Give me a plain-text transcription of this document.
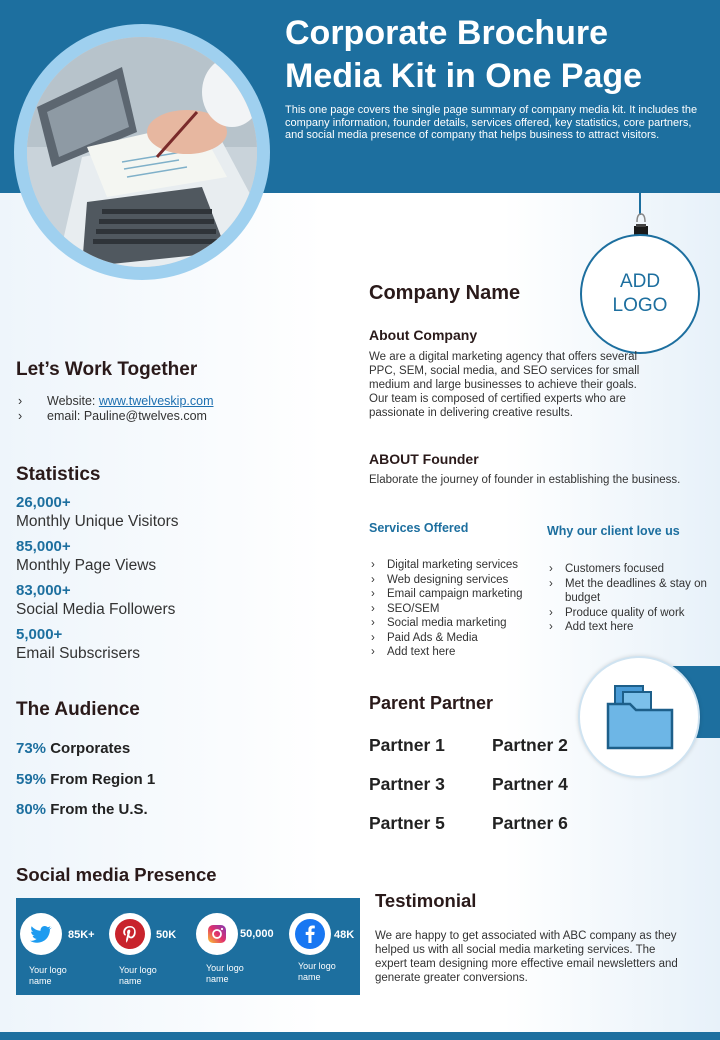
Corporate Brochure
Media Kit in One Page
This one page covers the single page summary of company media kit. It includes the company information, founder details, services offered, key statistics, core partners, and social media presence of company that helps business to attract visitors.
ADD
LOGO
Company Name
About Company
We are a digital marketing agency that offers several PPC, SEM, social media, and SEO services for small medium and large businesses to achieve their goals.
Our team is composed of certified experts who are passionate in delivering creative results.
ABOUT Founder
Elaborate the journey of founder in establishing the business.
Let’s Work Together
› Website: www.twelveskip.com
› email: Pauline@twelves.com
Statistics
26,000+
Monthly Unique Visitors
85,000+
Monthly Page Views
83,000+
Social Media Followers
5,000+
Email Subscrisers
The Audience
73% Corporates
59% From Region 1
80% From the U.S.
Services Offered
› Digital marketing services
› Web designing services
› Email campaign marketing
› SEO/SEM
› Social media marketing
› Paid Ads & Media
› Add text here
Why our client love us
› Customers focused
› Met the deadlines & stay on budget
› Produce quality of work
› Add text here
Parent Partner
Partner 1	Partner 2
Partner 3	Partner 4
Partner 5	Partner 6
Social media Presence
85K+
Your logo name
50K
Your logo name
50,000
Your logo name
48K
Your logo name
Testimonial
We are happy to get associated with ABC company as they helped us with all social media marketing services. The expert team designing more effective email newsletters and generate greater conversions.
